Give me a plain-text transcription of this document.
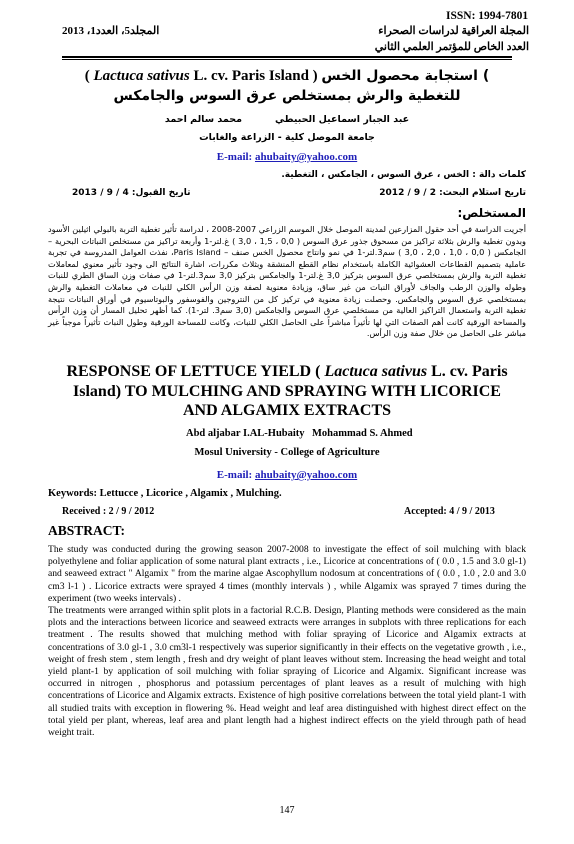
ISSN: 1994-7801
المجلة العراقية لدراسات الصحراء
المجلد5، العدد1، 2013
العدد الخاص للمؤتمر العلمي الثاني
( Lactuca sativus L. cv. Paris Island ) استجابة محصول الخس (
للتغطية والرش بمستخلص عرق السوس والجامكس
عبد الجبار اسماعيل الحبيطي          محمد سالم احمد
جامعة الموصل كلية - الزراعة والغابات
E-mail: ahubaity@yahoo.com
كلمات دالة : الخس ، عرق السوس ، الجامكس ، التغطية.
تاريخ استلام البحث: 2 / 9 / 2012
تاريخ القبول: 4 / 9 / 2013
المستخلص:
أجريت الدراسة في أحد حقول المزارعين لمدينة الموصل خلال الموسم الزراعي 2007-2008 ، لدراسة تأثير تغطية التربة بالبولي اثيلين الأسود وبدون تغطية والرش بثلاثة تراكيز من مسحوق جذور عرق السوس ( 0,0 ، 1,5 ، 3,0 ) غ.لتر-1 وأربعة تراكيز من مستخلص النباتات البحرية – الجامكس ( 0,0 ، 1,0 ، 2,0 ، 3,0 ) سم3.لتر-1 في نمو وانتاج محصول الخس صنف – Paris Island، نفذت العوامل المدروسة في تجربة عاملية بتصميم القطاعات العشوائية الكاملة باستخدام نظام القطع المنشقة وبثلاث مكررات، اشارة النتائج الى وجود تأثير معنوي لمعاملات تغطية التربة والرش بمستخلصي عرق السوس بتركيز 3,0 غ.لتر-1 والجامكس بتركيز 3,0 سم3.لتر-1 في صفات وزن الساق الطري للنبات وطوله والوزن الرطب والجاف لأوراق النبات من غير ساق، وزيادة معنوية لصفة وزن الرأس الكلي للنبات في معاملات التغطية والرش بمستخلصي عرق السوس والجامكس. وحصلت زيادة معنوية في تركيز كل من النتروجين والفوسفور والبوتاسيوم في أوراق النباتات نتيجة تغطية التربة واستعمال التراكيز العالية من مستخلصي عرق السوس والجامكس (3,0 سم3. لتر-1). كما أظهر تحليل المسار أن وزن الرأس والمساحة الورقية كانت أهم الصفات التي لها تأثيراً مباشراً على الحاصل الكلي للنبات، وكانت للمساحة الورقية وطول النبات تأثيراً موجباً غير مباشر على الحاصل من خلال صفة وزن الرأس.
RESPONSE OF LETTUCE YIELD ( Lactuca sativus L. cv. Paris
Island) TO MULCHING AND SPRAYING WITH LICORICE
AND ALGAMIX EXTRACTS
Abd aljabar I.AL-Hubaity Mohammad S. Ahmed
Mosul University - College of Agriculture
E-mail: ahubaity@yahoo.com
Keywords: Lettucce , Licorice , Algamix , Mulching.
Received : 2 / 9 / 2012	Accepted: 4 / 9 / 2013
ABSTRACT:
The study was conducted during the growing season 2007-2008 to investigate the effect of soil mulching with black polyethylene and foliar application of some natural plant extracts , i.e., Licorice at concentrations of ( 0.0 , 1.5 and 3.0 gl-1) and seaweed extract " Algamix " from the marine algae Ascophyllum nodosum at concentrations of ( 0.0 , 1.0 , 2.0 and 3.0 cm3 l-1 ) . Licorice extracts were sprayed 4 times (monthly intervals ) , while Algamix was sprayed 7 times during the experiment (two weeks intervals) .
The treatments were arranged within split plots in a factorial R.C.B. Design, Planting methods were considered as the main plots and the interactions between licorice and seaweed extracts were arranges in subplots with three replications for each treatment . The results showed that mulching method with foliar spraying of Licorice and Algamix extracts at concentrations of 3.0 gl-1 , 3.0 cm3l-1 respectively was superior significantly in their effects on the vegetative growth , i.e., weight of fresh stem , stem length , fresh and dry weight of plant leaves without stem. Increasing the head weight and total yield plant-1 by application of soil mulching with foliar spraying of Licorice and Algamix. Significant increase was occurred in nitrogen , phosphorus and potassium percentages of plant leaves as a result of mulching with high concentrations of Licorice and Algamix extracts. Existence of high positive correlations between the total yield plant-1 with all studied traits with exception in flowering %. Head weight and leaf area distinguished with highest direct effect on the total yield per plant, whereas, leaf area and plant length had a highest indirect effects on the yield through path of head weight trait.
147
